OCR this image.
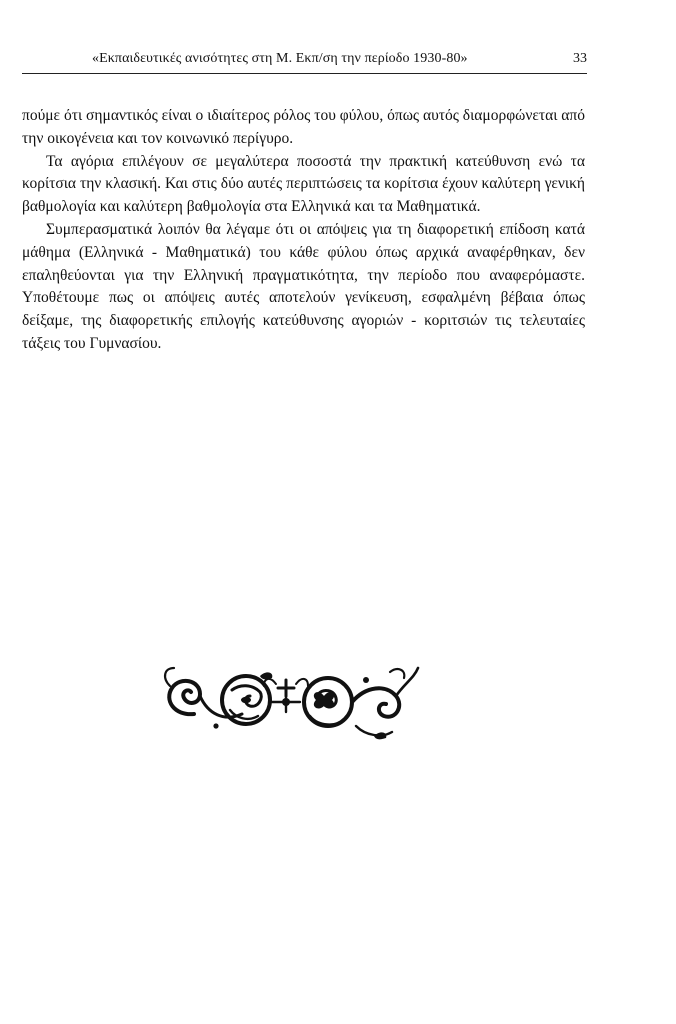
«Εκπαιδευτικές ανισότητες στη Μ. Εκπ/ση την περίοδο 1930-80»	33

πούμε ότι σημαντικός είναι ο ιδιαίτερος ρόλος του φύλου, όπως αυτός διαμορφώνεται από την οικογένεια και τον κοινωνικό περίγυρο.

Τα αγόρια επιλέγουν σε μεγαλύτερα ποσοστά την πρακτική κατεύθυνση ενώ τα κορίτσια την κλασική. Και στις δύο αυτές περιπτώσεις τα κορίτσια έχουν καλύτερη γενική βαθμολογία και καλύτερη βαθμολογία στα Ελληνικά και τα Μαθηματικά.

Συμπερασματικά λοιπόν θα λέγαμε ότι οι απόψεις για τη διαφορετική επίδοση κατά μάθημα (Ελληνικά - Μαθηματικά) του κάθε φύλου όπως αρχικά αναφέρθηκαν, δεν επαληθεύονται για την Ελληνική πραγματικότητα, την περίοδο που αναφερόμαστε. Υποθέτουμε πως οι απόψεις αυτές αποτελούν γενίκευση, εσφαλμένη βέβαια όπως δείξαμε, της διαφορετικής επιλογής κατεύθυνσης αγοριών - κοριτσιών τις τελευταίες τάξεις του Γυμνασίου.
